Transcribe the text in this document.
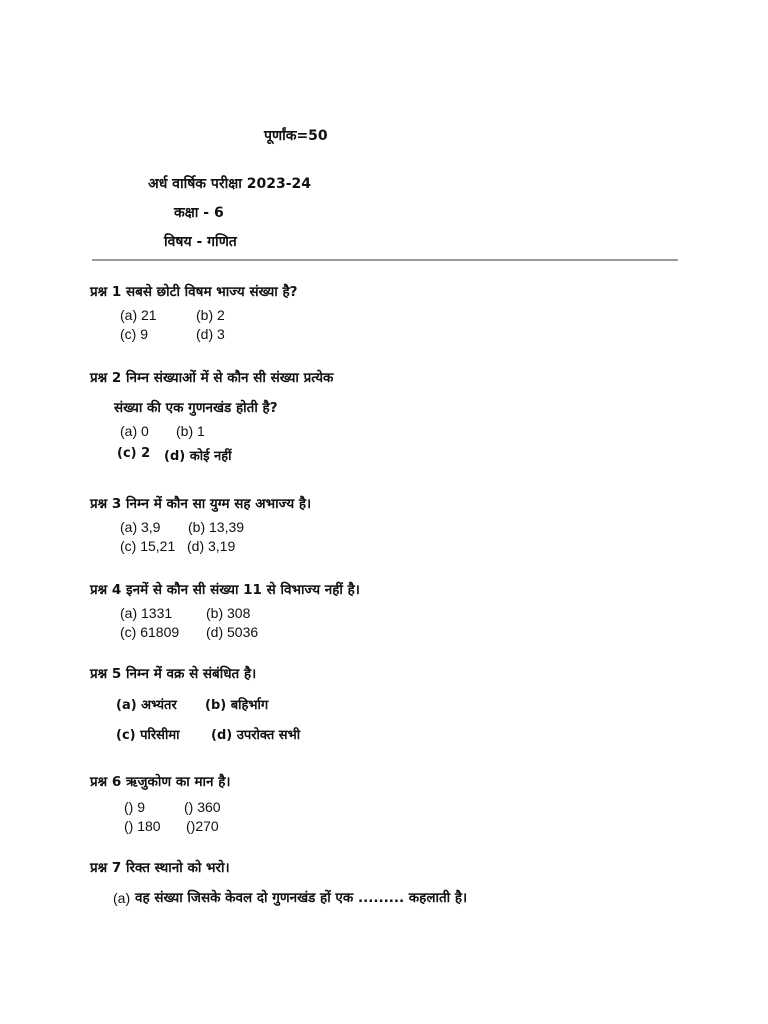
पूर्णांक=50
अर्ध वार्षिक परीक्षा 2023-24
कक्षा - 6
विषय - गणित
प्रश्न 1 सबसे छोटी विषम भाज्य संख्या है?
(a) 21	(b) 2
(c) 9	(d) 3
प्रश्न 2 निम्न संख्याओं में से कौन सी संख्या प्रत्येक
संख्या की एक गुणनखंड होती है?
(a) 0 (b) 1
(c) 2 (d) कोई नहीं
प्रश्न 3 निम्न में कौन सा युग्म सह अभाज्य है।
(a) 3,9 (b) 13,39
(c) 15,21 (d) 3,19
प्रश्न 4 इनमें से कौन सी संख्या 11 से विभाज्य नहीं है।
(a) 1331 (b) 308
(c) 61809 (d) 5036
प्रश्न 5 निम्न में वक्र से संबंधित है।
(a) अभ्यंतर (b) बहिर्भाग
(c) परिसीमा (d) उपरोक्त सभी
प्रश्न 6 ऋजुकोण का मान है।
() 9	() 360
() 180 ()270
प्रश्न 7 रिक्त स्थानो को भरो।
(a) वह संख्या जिसके केवल दो गुणनखंड हों एक ......... कहलाती है।
